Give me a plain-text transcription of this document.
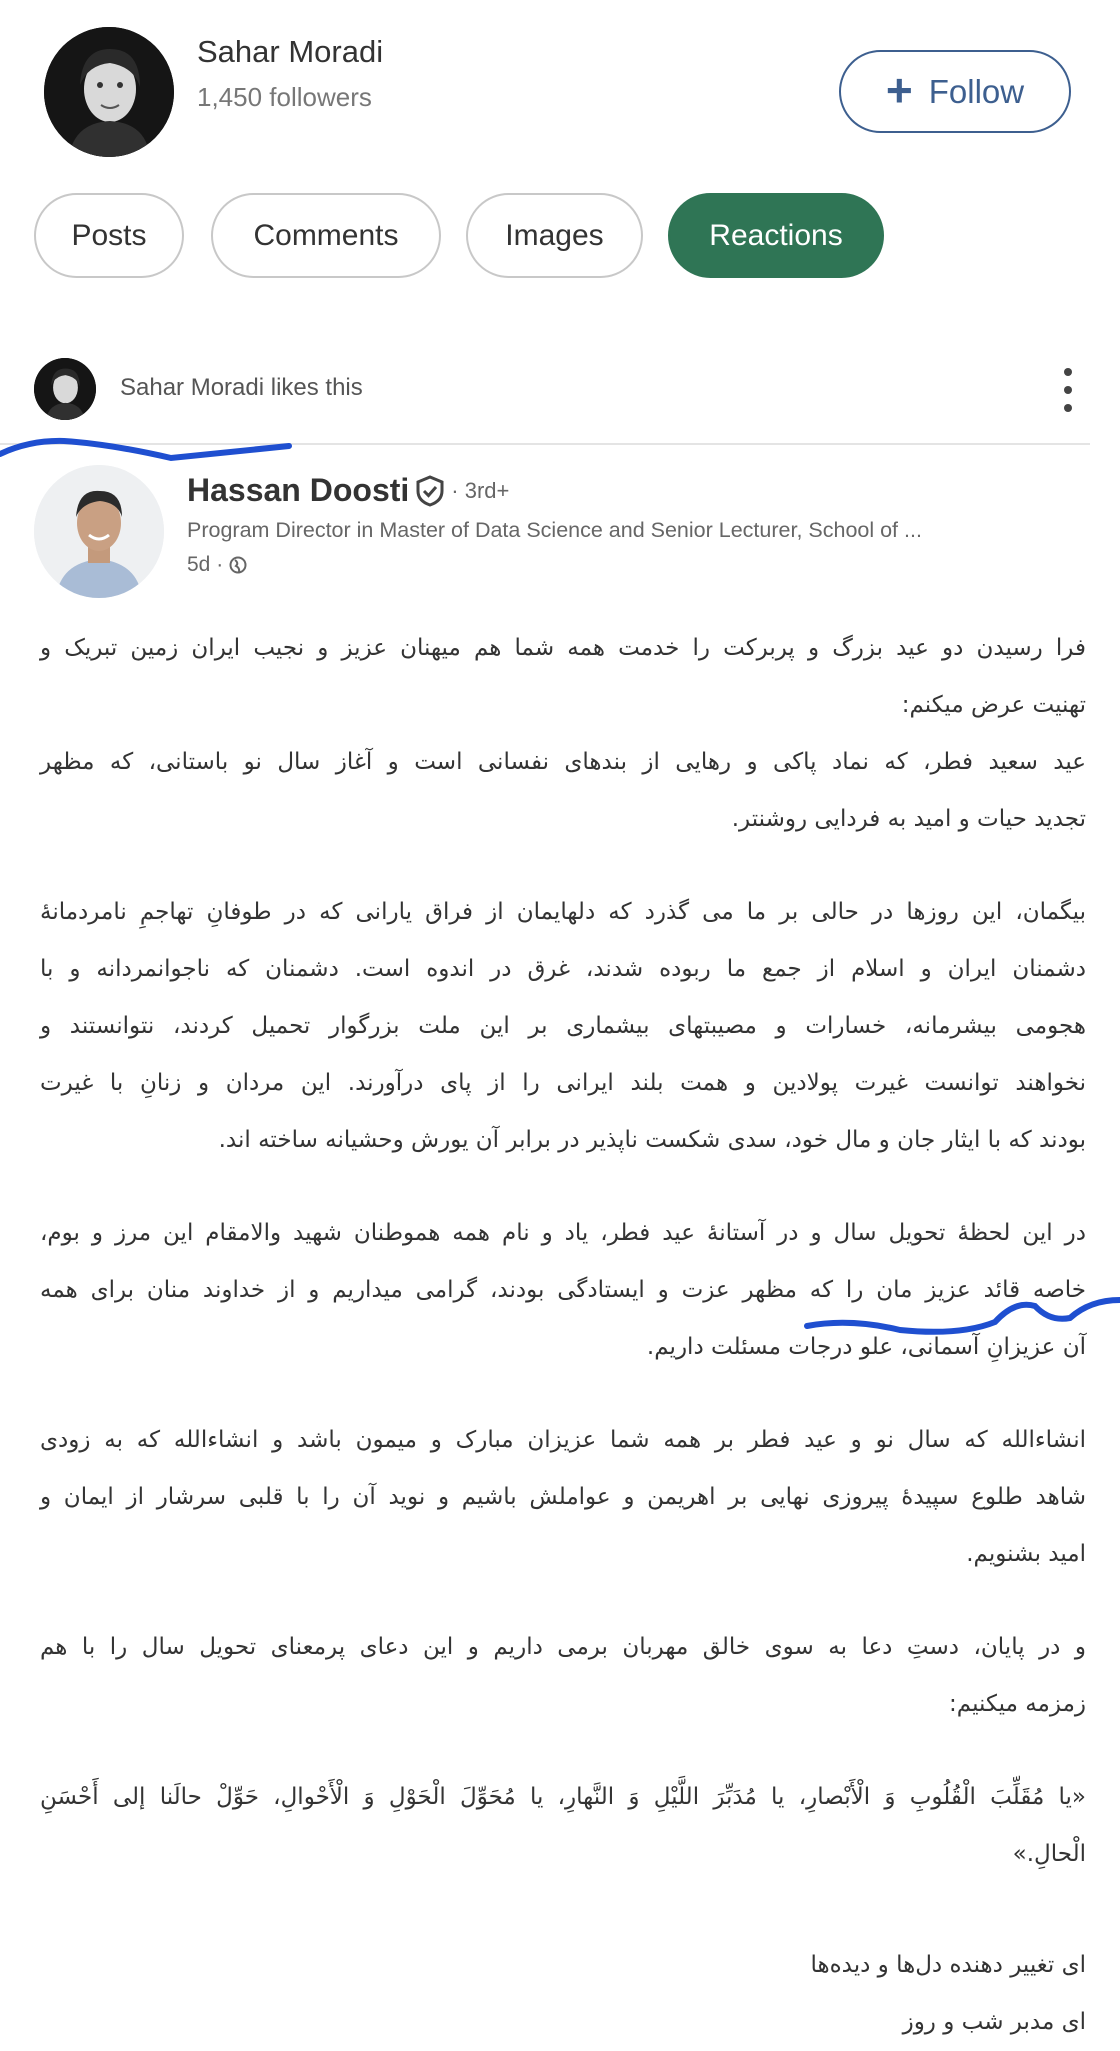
Sahar Moradi
1,450 followers	+ Follow
Posts	Comments	Images	Reactions
Sahar Moradi likes this
Hassan Doosti · 3rd+
Program Director in Master of Data Science and Senior Lecturer, School of ...
5d ·
فرا رسیدن دو عید بزرگ و پربرکت را خدمت همه شما هم میهنان عزیز و نجیب ایران زمین تبریک و
تهنیت عرض میکنم:
عید سعید فطر، که نماد پاکی و رهایی از بندهای نفسانی است و آغاز سال نو باستانی، که مظهر
تجدید حیات و امید به فردایی روشنتر.
بیگمان، این روزها در حالی بر ما می گذرد که دلهایمان از فراق یارانی که در طوفانِ تهاجمِ نامردمانهٔ
دشمنان ایران و اسلام از جمع ما ربوده شدند، غرق در اندوه است. دشمنان که ناجوانمردانه و با
هجومی بیشرمانه، خسارات و مصیبتهای بیشماری بر این ملت بزرگوار تحمیل کردند، نتوانستند و
نخواهند توانست غیرت پولادین و همت بلند ایرانی را از پای درآورند. این مردان و زنانِ با غیرت
بودند که با ایثار جان و مال خود، سدی شکست ناپذیر در برابر آن یورش وحشیانه ساخته اند.
در این لحظهٔ تحویل سال و در آستانهٔ عید فطر، یاد و نام همه هموطنان شهید والامقام این مرز و بوم،
خاصه قائد عزیز مان را که مظهر عزت و ایستادگی بودند، گرامی میداریم و از خداوند منان برای همه
آن عزیزانِ آسمانی، علو درجات مسئلت داریم.
انشاءالله که سال نو و عید فطر بر همه شما عزیزان مبارک و میمون باشد و انشاءالله که به زودی
شاهد طلوع سپیدهٔ پیروزی نهایی بر اهریمن و عواملش باشیم و نوید آن را با قلبی سرشار از ایمان و
امید بشنویم.
و در پایان، دستِ دعا به سوی خالق مهربان برمی داریم و این دعای پرمعنای تحویل سال را با هم
زمزمه میکنیم:
«یا مُقَلِّبَ الْقُلُوبِ وَ الْأَبْصارِ، یا مُدَبِّرَ اللَّیْلِ وَ النَّهارِ، یا مُحَوِّلَ الْحَوْلِ وَ الْأَحْوالِ، حَوِّلْ حالَنا إلی أَحْسَنِ
الْحالِ.»
ای تغییر دهنده دل‌ها و دیده‌ها
ای مدبر شب و روز
